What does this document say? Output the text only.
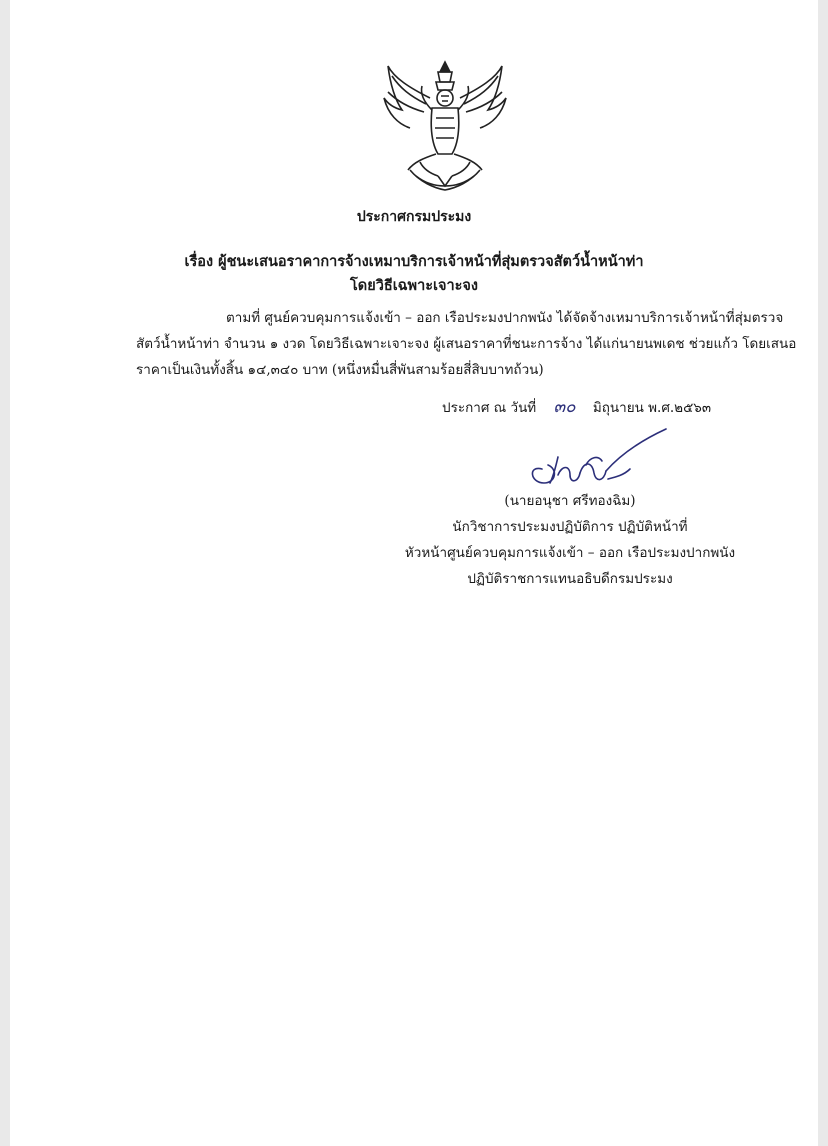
ประกาศกรมประมง
เรื่อง ผู้ชนะเสนอราคาการจ้างเหมาบริการเจ้าหน้าที่สุ่มตรวจสัตว์น้ำหน้าท่า
โดยวิธีเฉพาะเจาะจง
ตามที่ ศูนย์ควบคุมการแจ้งเข้า – ออก เรือประมงปากพนัง ได้จัดจ้างเหมาบริการเจ้าหน้าที่สุ่มตรวจ
สัตว์น้ำหน้าท่า จำนวน ๑ งวด โดยวิธีเฉพาะเจาะจง ผู้เสนอราคาที่ชนะการจ้าง ได้แก่นายนพเดช ช่วยแก้ว โดยเสนอ
ราคาเป็นเงินทั้งสิ้น ๑๔,๓๔๐ บาท (หนึ่งหมื่นสี่พันสามร้อยสี่สิบบาทถ้วน)
ประกาศ ณ วันที่ ๓๐ มิถุนายน พ.ศ.๒๕๖๓
(นายอนุชา ศรีทองฉิม)
นักวิชาการประมงปฏิบัติการ ปฏิบัติหน้าที่
หัวหน้าศูนย์ควบคุมการแจ้งเข้า – ออก เรือประมงปากพนัง
ปฏิบัติราชการแทนอธิบดีกรมประมง
